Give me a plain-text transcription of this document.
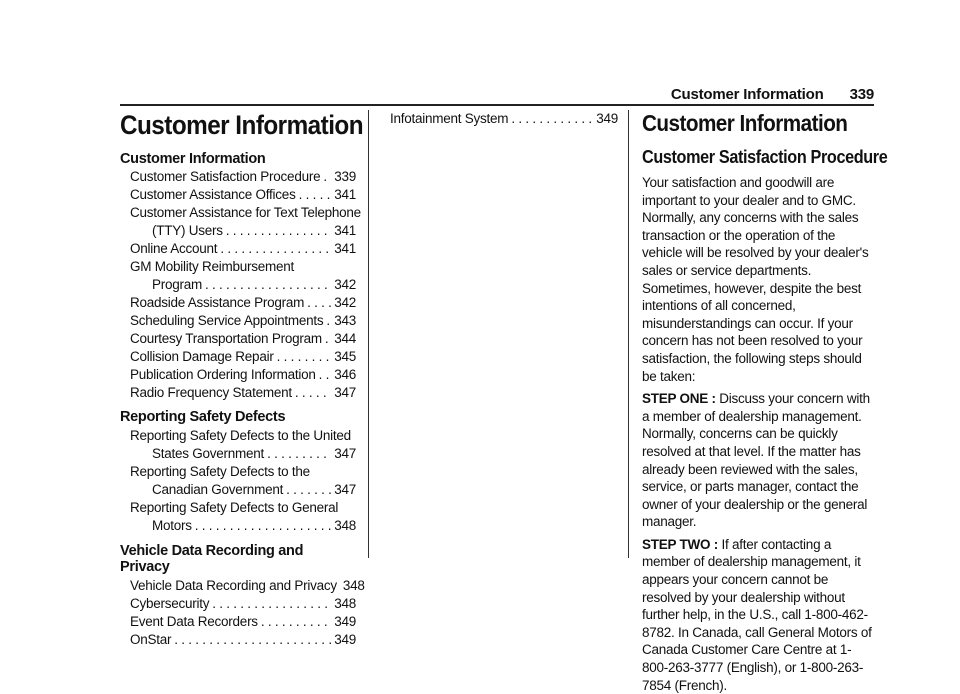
Customer Information 339
Customer Information
Customer Information
Customer Satisfaction Procedure . . . 339
Customer Assistance Offices . . .	341
Customer Assistance for Text Telephone
(TTY) Users . . .	341
Online Account . . .	341
GM Mobility Reimbursement
Program . . .	342
Roadside Assistance Program . . . 342
Scheduling Service Appointments . . . 343
Courtesy Transportation Program . . . 344
Collision Damage Repair . . .	345
Publication Ordering Information . . . 346
Radio Frequency Statement . . .	347
Reporting Safety Defects
Reporting Safety Defects to the United
States Government . . .	347
Reporting Safety Defects to the
Canadian Government . . .	347
Reporting Safety Defects to General
Motors . . .	348
Vehicle Data Recording and Privacy
Vehicle Data Recording and Privacy 348
Cybersecurity . . .	348
Event Data Recorders . . .	349
OnStar . . .	349
Infotainment System . . .	349 Customer Information
Customer Satisfaction Procedure

Your satisfaction and goodwill are important to your dealer and to GMC. Normally, any concerns with the sales transaction or the operation of the vehicle will be resolved by your dealer's sales or service departments. Sometimes, however, despite the best intentions of all concerned, misunderstandings can occur. If your concern has not been resolved to your satisfaction, the following steps should be taken:

STEP ONE : Discuss your concern with a member of dealership management. Normally, concerns can be quickly resolved at that level. If the matter has already been reviewed with the sales, service, or parts manager, contact the owner of your dealership or the general manager.

STEP TWO : If after contacting a member of dealership management, it appears your concern cannot be resolved by your dealership without further help, in the U.S., call 1-800-462-8782. In Canada, call General Motors of Canada Customer Care Centre at 1-800-263-3777 (English), or 1-800-263-7854 (French).
